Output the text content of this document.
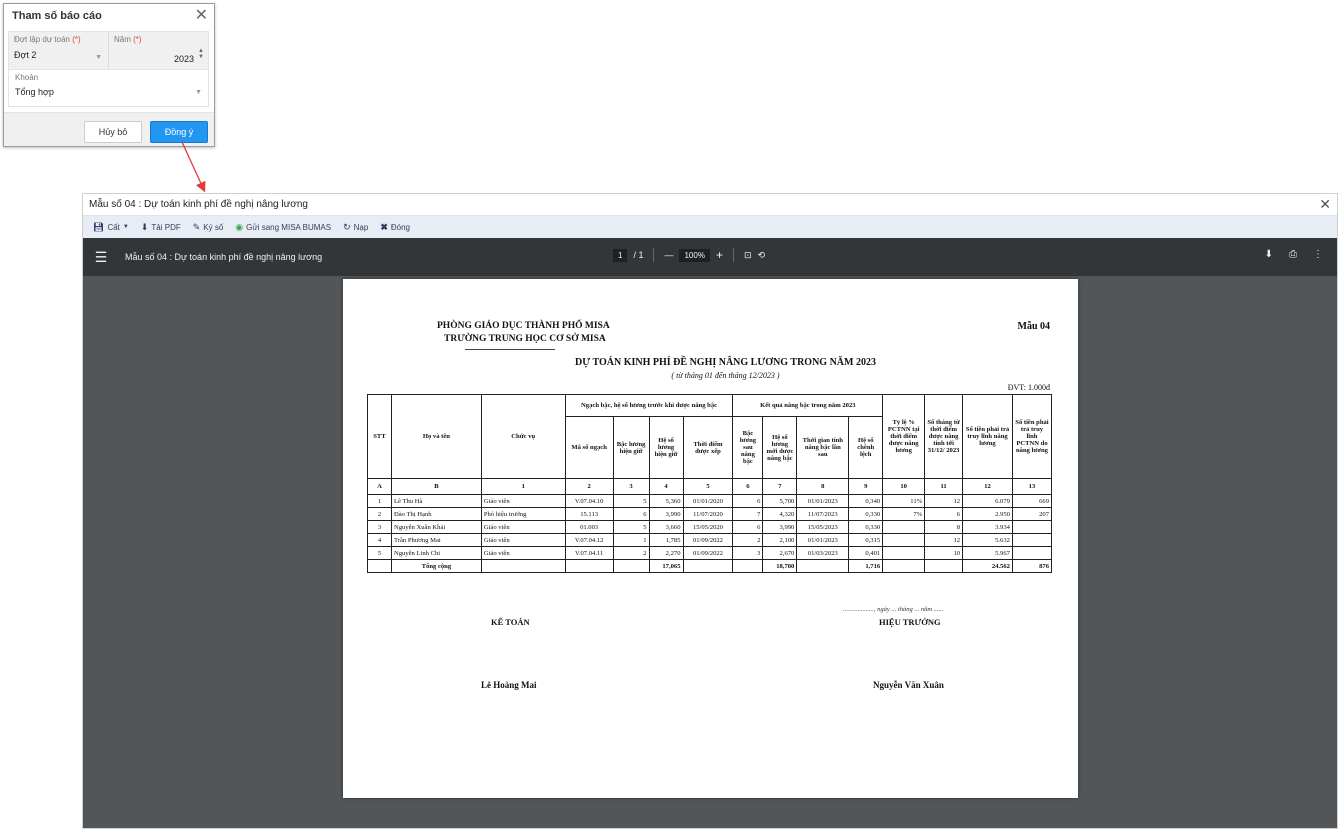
Tham số báo cáo	✕
Đợt lập dự toán (*)
Đợt 2	▼
Năm (*)
2023
▲
▼
Khoản
Tổng hợp	▼
Hủy bỏ	Đồng ý
Mẫu số 04 : Dự toán kinh phí đề nghị nâng lương	✕
💾︎ Cất ▼ ⬇ Tải PDF ✎ Ký số ◉ Gửi sang MISA BUMAS ↻ Nạp ✖ Đóng
☰	Mẫu số 04 : Dự toán kinh phí đề nghị nâng lương	1	/ 1 —	100% + ⊡ ⟲	⬇ ⎙ ⋮
PHÒNG GIÁO DỤC THÀNH PHỐ MISA
TRƯỜNG TRUNG HỌC CƠ SỞ MISA
Mẫu 04
DỰ TOÁN KINH PHÍ ĐỀ NGHỊ NÂNG LƯƠNG TRONG NĂM 2023
( từ tháng 01 đến tháng 12/2023 )
ĐVT: 1.000đ
STT	Họ và tên	Chức vụ	Ngạch bậc, hệ số lương trước khi được nâng bậc				Kết quả nâng bậc trong năm 2023				Tỷ lệ % PCTNN tại thời điểm được nâng lương	Số tháng từ thời điểm được nâng tính tới 31/12/ 2023	Số tiền phải trả truy lĩnh nâng lương	Số tiền phải trả truy lĩnh PCTNN do nâng lương
			Mã số ngạch	Bậc lương hiện giữ	Hệ số lương hiện giữ	Thời điểm được xếp	Bậc lương sau nâng bậc	Hệ số lương mới được nâng bậc	Thời gian tính nâng bậc lần sau	Hệ số chênh lệch				
A	B	1	2	3	4	5	6	7	8	9	10	11	12	13
1	Lê Thu Hà	Giáo viên	V.07.04.10	5	5,360	01/01/2020	6	5,700	01/01/2023	0,340	11%	12	6.079	669
2	Đào Thị Hạnh	Phó hiệu trưởng	15.113	6	3,990	11/07/2020	7	4,320	11/07/2023	0,330	7%	6	2.950	207
3	Nguyễn Xuân Khải	Giáo viên	01.003	5	3,660	15/05/2020	6	3,990	15/05/2023	0,330		8	3.934	
4	Trần Phương Mai	Giáo viên	V.07.04.12	1	1,785	01/09/2022	2	2,100	01/01/2023	0,315		12	5.632	
5	Nguyễn Linh Chi	Giáo viên	V.07.04.11	2	2,270	01/09/2022	3	2,670	01/03/2023	0,401		10	5.967	
	Tổng cộng				17,065			18,780		1,716			24.562	876
..................., ngày ... tháng ... năm ......
KẾ TOÁN	HIỆU TRƯỞNG
Lê Hoàng Mai	Nguyễn Văn Xuân
